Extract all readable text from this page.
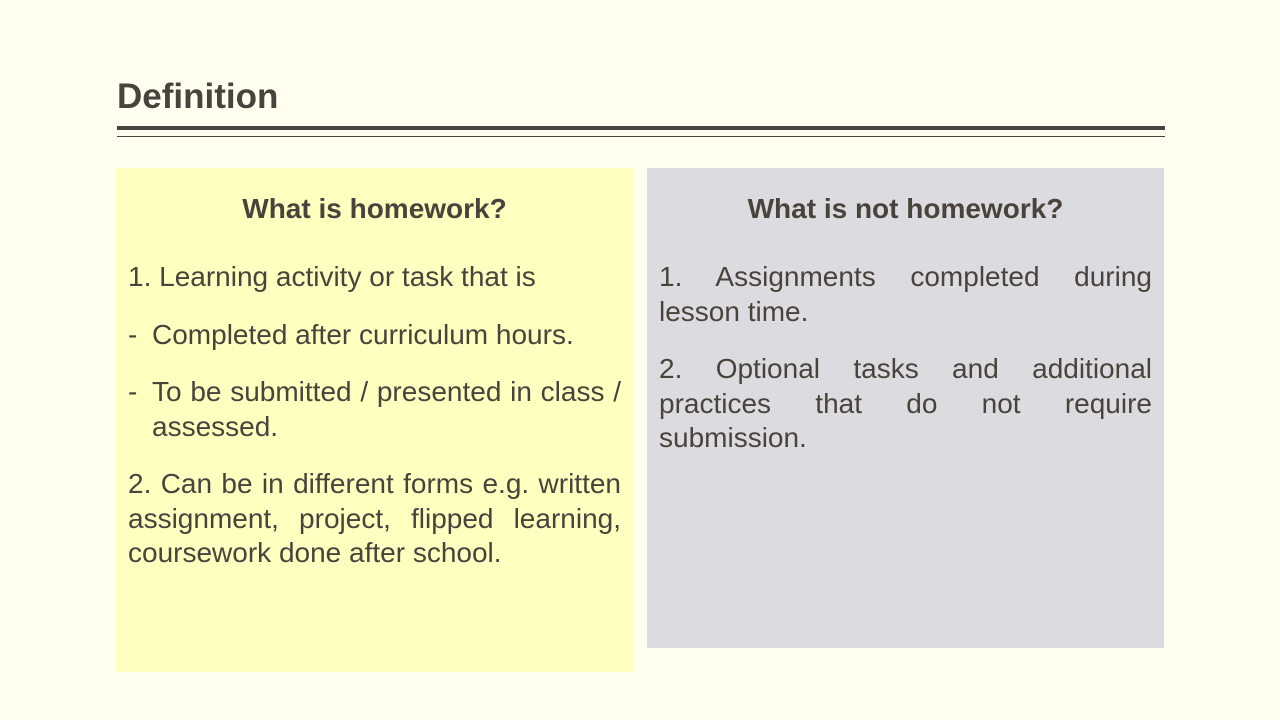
Definition
What is homework?

1. Learning activity or task that is

- Completed after curriculum hours.
- To be submitted / presented in class / assessed.

2. Can be in different forms e.g. written assignment, project, flipped learning, coursework done after school.

What is not homework?

1. Assignments completed during lesson time.

2. Optional tasks and additional practices that do not require submission.
